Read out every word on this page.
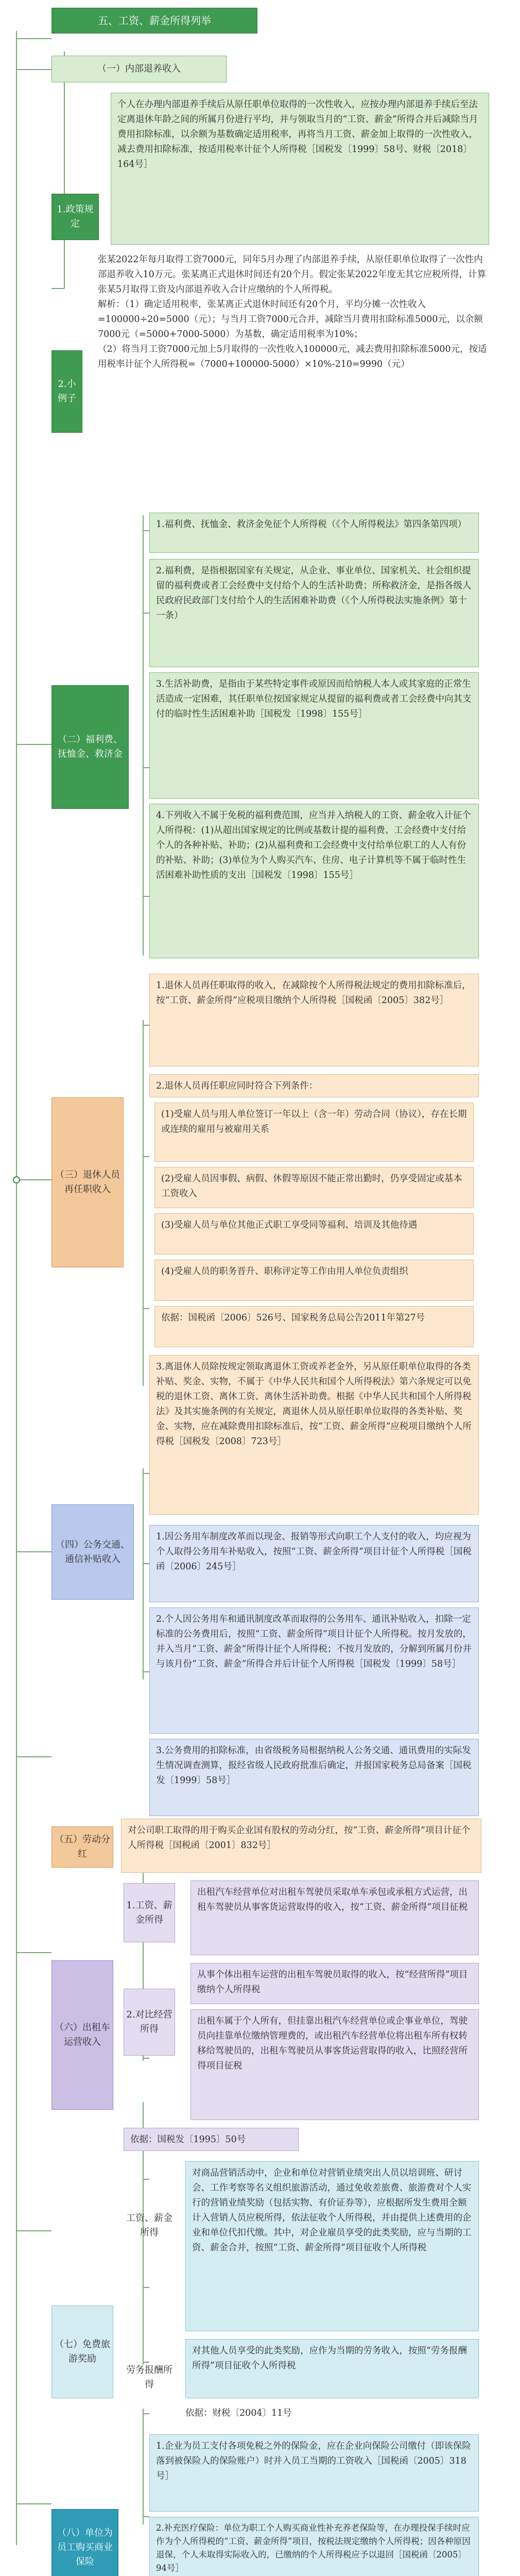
五、工资、薪金所得列举
（一）内部退养收入
1.政策规定
个人在办理内部退养手续后从原任职单位取得的一次性收入，应按办理内部退养手续后至法定离退休年龄之间的所属月份进行平均，并与领取当月的“工资、薪金”所得合并后减除当月费用扣除标准，以余额为基数确定适用税率，再将当月工资、薪金加上取得的一次性收入，减去费用扣除标准，按适用税率计征个人所得税［国税发〔1999〕58号、财税〔2018〕164号］
2.小例子
张某2022年每月取得工资7000元，同年5月办理了内部退养手续，从原任职单位取得了一次性内部退养收入10万元。张某离正式退休时间还有20个月。假定张某2022年度无其它应税所得，计算张某5月取得工资及内部退养收入合计应缴纳的个人所得税。
解析：（1）确定适用税率，张某离正式退休时间还有20个月，平均分摊一次性收入=100000÷20=5000（元）；与当月工资7000元合并，减除当月费用扣除标准5000元，以余额7000元（=5000+7000-5000）为基数，确定适用税率为10%；
（2）将当月工资7000元加上5月取得的一次性收入100000元，减去费用扣除标准5000元，按适用税率计征个人所得税=（7000+100000-5000）×10%-210=9990（元）
（二）福利费、抚恤金、救济金
1.福利费、抚恤金、救济金免征个人所得税（《个人所得税法》第四条第四项）
2.福利费，是指根据国家有关规定，从企业、事业单位、国家机关、社会组织提留的福利费或者工会经费中支付给个人的生活补助费；所称救济金，是指各级人民政府民政部门支付给个人的生活困难补助费（《个人所得税法实施条例》第十一条）
3.生活补助费，是指由于某些特定事件或原因而给纳税人本人或其家庭的正常生活造成一定困难，其任职单位按国家规定从提留的福利费或者工会经费中向其支付的临时性生活困难补助［国税发〔1998〕155号］
4.下列收入不属于免税的福利费范围，应当并入纳税人的工资、薪金收入计征个人所得税：(1)从超出国家规定的比例或基数计提的福利费、工会经费中支付给个人的各种补贴、补助；(2)从福利费和工会经费中支付给单位职工的人人有份的补贴、补助；(3)单位为个人购买汽车、住房、电子计算机等不属于临时性生活困难补助性质的支出［国税发〔1998〕155号］
（三）退休人员再任职收入
1.退休人员再任职取得的收入，在减除按个人所得税法规定的费用扣除标准后，按“工资、薪金所得”应税项目缴纳个人所得税［国税函〔2005〕382号］
2.退休人员再任职应同时符合下列条件：
(1)受雇人员与用人单位签订一年以上（含一年）劳动合同（协议），存在长期或连续的雇用与被雇用关系
(2)受雇人员因事假、病假、休假等原因不能正常出勤时，仍享受固定或基本工资收入
(3)受雇人员与单位其他正式职工享受同等福利、培训及其他待遇
(4)受雇人员的职务晋升、职称评定等工作由用人单位负责组织
依据：国税函〔2006〕526号、国家税务总局公告2011年第27号
3.离退休人员除按规定领取离退休工资或养老金外，另从原任职单位取得的各类补贴、奖金、实物，不属于《中华人民共和国个人所得税法》第六条规定可以免税的退休工资、离休工资、离休生活补助费。根据《中华人民共和国个人所得税法》及其实施条例的有关规定，离退休人员从原任职单位取得的各类补贴、奖金、实物，应在减除费用扣除标准后，按“工资、薪金所得”应税项目缴纳个人所得税［国税发〔2008〕723号］
（四）公务交通、通信补贴收入
1.因公务用车制度改革而以现金、报销等形式向职工个人支付的收入，均应视为个人取得公务用车补贴收入，按照“工资、薪金所得”项目计征个人所得税［国税函〔2006〕245号］
2.个人因公务用车和通讯制度改革而取得的公务用车、通讯补贴收入，扣除一定标准的公务费用后，按照“工资、薪金所得”项目计征个人所得税。按月发放的，并入当月“工资、薪金”所得计征个人所得税；不按月发放的，分解到所属月份并与该月份“工资、薪金”所得合并后计征个人所得税［国税发〔1999〕58号］
3.公务费用的扣除标准，由省级税务局根据纳税人公务交通、通讯费用的实际发生情况调查测算，报经省级人民政府批准后确定，并报国家税务总局备案［国税发〔1999〕58号］
（五）劳动分红
对公司职工取得的用于购买企业国有股权的劳动分红，按“工资、薪金所得”项目计征个人所得税［国税函〔2001〕832号］
（六）出租车运营收入
1.工资、薪金所得
出租汽车经营单位对出租车驾驶员采取单车承包或承租方式运营，出租车驾驶员从事客货运营取得的收入，按“工资、薪金所得”项目征税
2.对比经营所得
从事个体出租车运营的出租车驾驶员取得的收入，按“经营所得”项目缴纳个人所得税
出租车属于个人所有，但挂靠出租汽车经营单位或企事业单位，驾驶员向挂靠单位缴纳管理费的，或出租汽车经营单位将出租车所有权转移给驾驶员的，出租车驾驶员从事客货运营取得的收入，比照经营所得项目征税
依据：国税发〔1995〕50号
（七）免费旅游奖励
工资、薪金所得
对商品营销活动中，企业和单位对营销业绩突出人员以培训班、研讨会、工作考察等名义组织旅游活动，通过免收差旅费、旅游费对个人实行的营销业绩奖励（包括实物、有价证券等），应根据所发生费用全额计入营销人员应税所得，依法征收个人所得税，并由提供上述费用的企业和单位代扣代缴。其中，对企业雇员享受的此类奖励，应与当期的工资、薪金合并，按照“工资、薪金所得”项目征收个人所得税
劳务报酬所得
对其他人员享受的此类奖励，应作为当期的劳务收入，按照“劳务报酬所得”项目征收个人所得税
依据：财税〔2004〕11号
（八）单位为员工购买商业保险
1.企业为员工支付各项免税之外的保险金，应在企业向保险公司缴付（即该保险落到被保险人的保险账户）时并入员工当期的工资收入［国税函〔2005〕318号］
2.补充医疗保险：单位为职工个人购买商业性补充养老保险等，在办理投保手续时应作为个人所得税的“工资、薪金所得”项目，按税法规定缴纳个人所得税；因各种原因退保，个人未取得实际收入的，已缴纳的个人所得税应予以退回［国税函〔2005〕94号］
